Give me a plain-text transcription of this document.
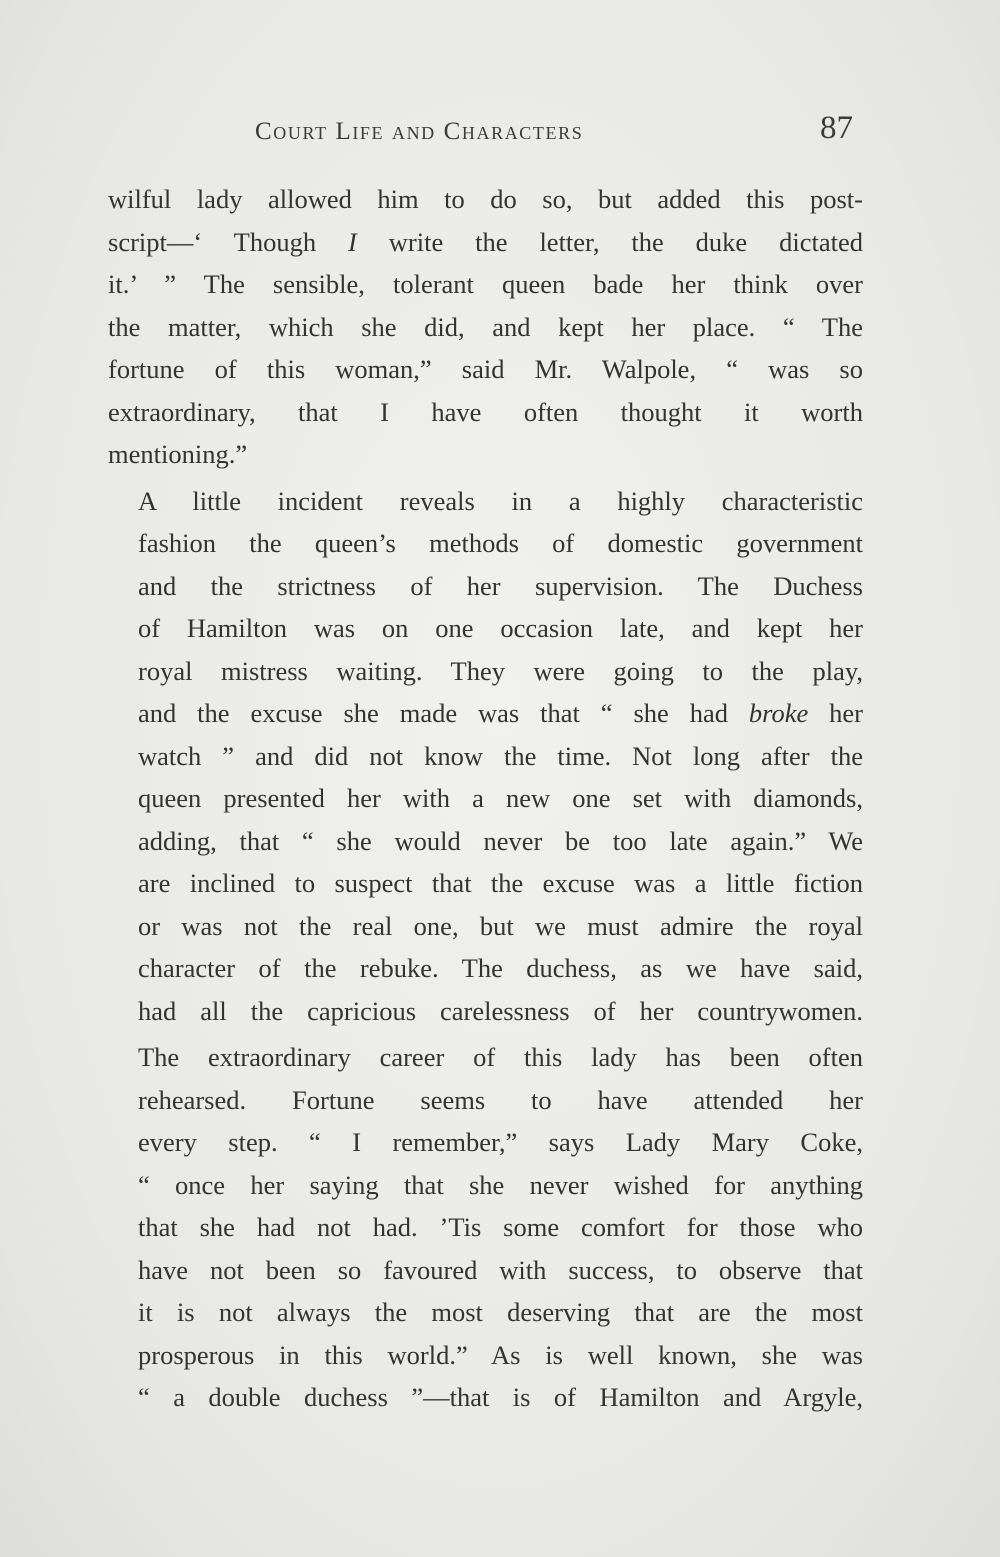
Court Life and Characters	87

wilful lady allowed him to do so, but added this post-
script—‘ Though I write the letter, the duke dictated
it.’ ” The sensible, tolerant queen bade her think over
the matter, which she did, and kept her place. “ The
fortune of this woman,” said Mr. Walpole, “ was so
extraordinary, that I have often thought it worth
mentioning.”

A little incident reveals in a highly characteristic
fashion the queen’s methods of domestic government
and the strictness of her supervision. The Duchess
of Hamilton was on one occasion late, and kept her
royal mistress waiting. They were going to the play,
and the excuse she made was that “ she had broke her
watch ” and did not know the time. Not long after the
queen presented her with a new one set with diamonds,
adding, that “ she would never be too late again.” We
are inclined to suspect that the excuse was a little fiction
or was not the real one, but we must admire the royal
character of the rebuke. The duchess, as we have said,
had all the capricious carelessness of her countrywomen.

The extraordinary career of this lady has been often
rehearsed. Fortune seems to have attended her
every step. “ I remember,” says Lady Mary Coke,
“ once her saying that she never wished for anything
that she had not had. ’Tis some comfort for those who
have not been so favoured with success, to observe that
it is not always the most deserving that are the most
prosperous in this world.” As is well known, she was
“ a double duchess ”—that is of Hamilton and Argyle,
